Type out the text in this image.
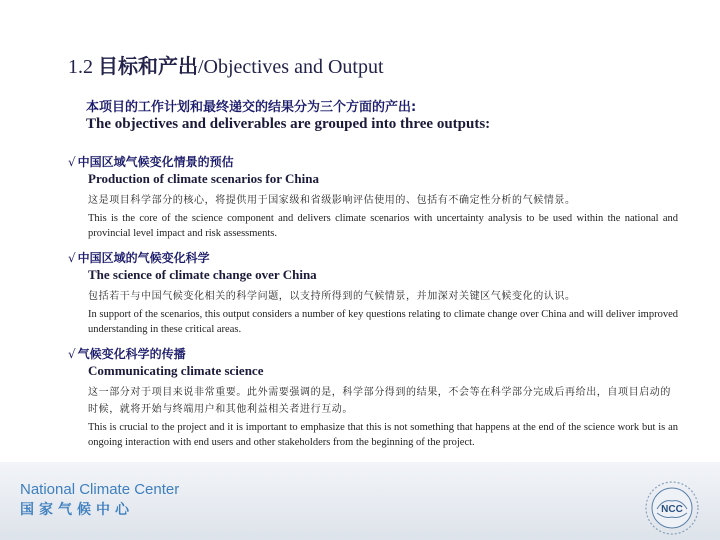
1.2 目标和产出/Objectives and Output
本项目的工作计划和最终递交的结果分为三个方面的产出:
The objectives and deliverables are grouped into three outputs:
√ 中国区域气候变化情景的预估
Production of climate scenarios for China
这是项目科学部分的核心，将提供用于国家级和省级影响评估使用的、包括有不确定性分析的气候情景。
This is the core of the science component and delivers climate scenarios with uncertainty analysis to be used within the national and provincial level impact and risk assessments.
√ 中国区域的气候变化科学
The science of climate change over China
包括若干与中国气候变化相关的科学问题，以支持所得到的气候情景，并加深对关键区气候变化的认识。
In support of the scenarios, this output considers a number of key questions relating to climate change over China and will deliver improved understanding in these critical areas.
√ 气候变化科学的传播
Communicating climate science
这一部分对于项目来说非常重要。此外需要强调的是，科学部分得到的结果，不会等在科学部分完成后再给出，自项目启动的时候，就将开始与终端用户和其他利益相关者进行互动。
This is crucial to the project and it is important to emphasize that this is not something that happens at the end of the science work but is an ongoing interaction with end users and other stakeholders from the beginning of the project.
National Climate Center
国家气候中心	NCC
